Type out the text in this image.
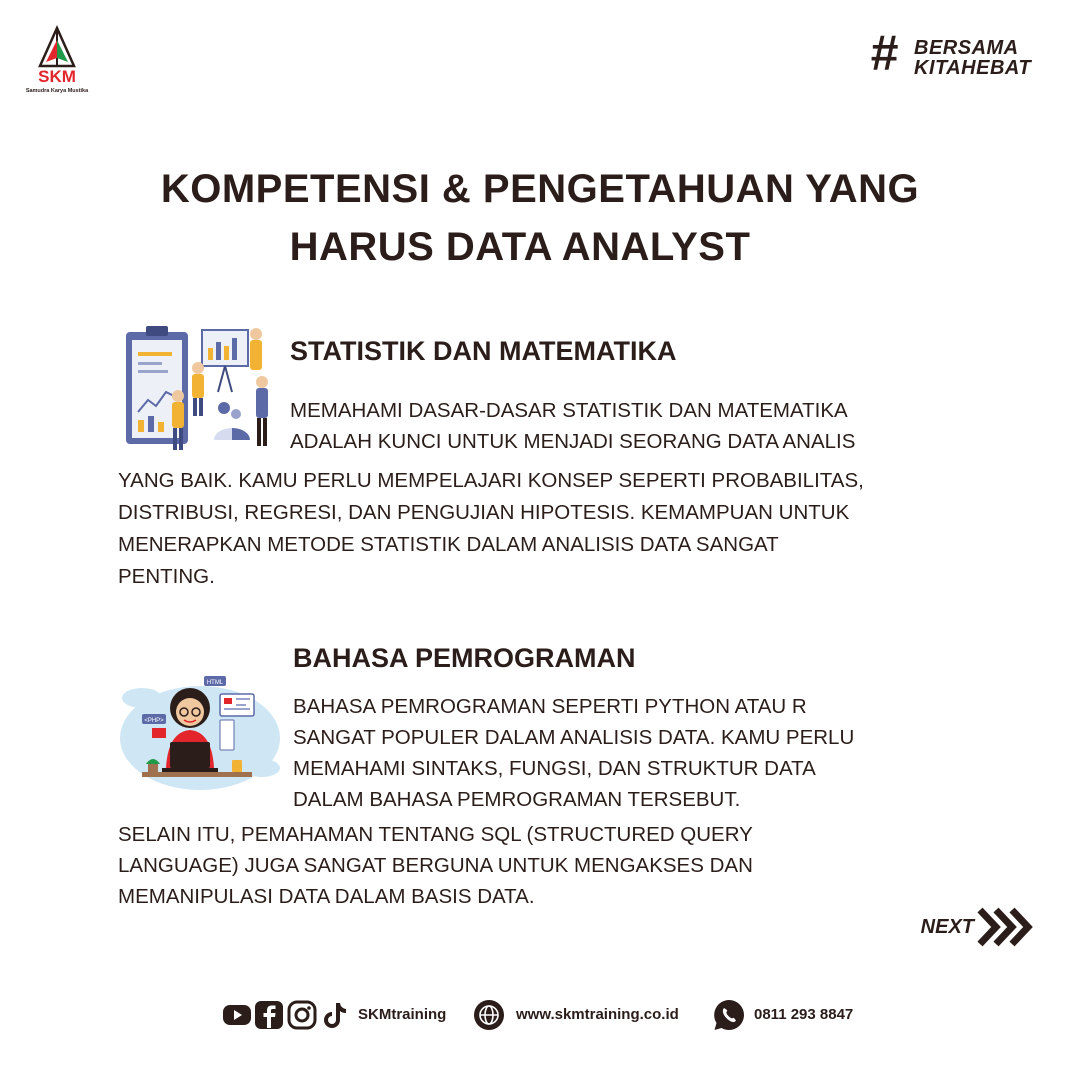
SKM
Samudra Karya Mustika
# BERSAMA
KITAHEBAT
KOMPETENSI & PENGETAHUAN YANG
HARUS DATA ANALYST
STATISTIK DAN MATEMATIKA
MEMAHAMI DASAR-DASAR STATISTIK DAN MATEMATIKA
ADALAH KUNCI UNTUK MENJADI SEORANG DATA ANALIS
YANG BAIK. KAMU PERLU MEMPELAJARI KONSEP SEPERTI PROBABILITAS,
DISTRIBUSI, REGRESI, DAN PENGUJIAN HIPOTESIS. KEMAMPUAN UNTUK
MENERAPKAN METODE STATISTIK DALAM ANALISIS DATA SANGAT
PENTING.
HTML
<PHP>
BAHASA PEMROGRAMAN
BAHASA PEMROGRAMAN SEPERTI PYTHON ATAU R
SANGAT POPULER DALAM ANALISIS DATA. KAMU PERLU
MEMAHAMI SINTAKS, FUNGSI, DAN STRUKTUR DATA
DALAM BAHASA PEMROGRAMAN TERSEBUT.
SELAIN ITU, PEMAHAMAN TENTANG SQL (STRUCTURED QUERY
LANGUAGE) JUGA SANGAT BERGUNA UNTUK MENGAKSES DAN
MEMANIPULASI DATA DALAM BASIS DATA.
NEXT
SKMtraining	www.skmtraining.co.id	0811 293 8847
